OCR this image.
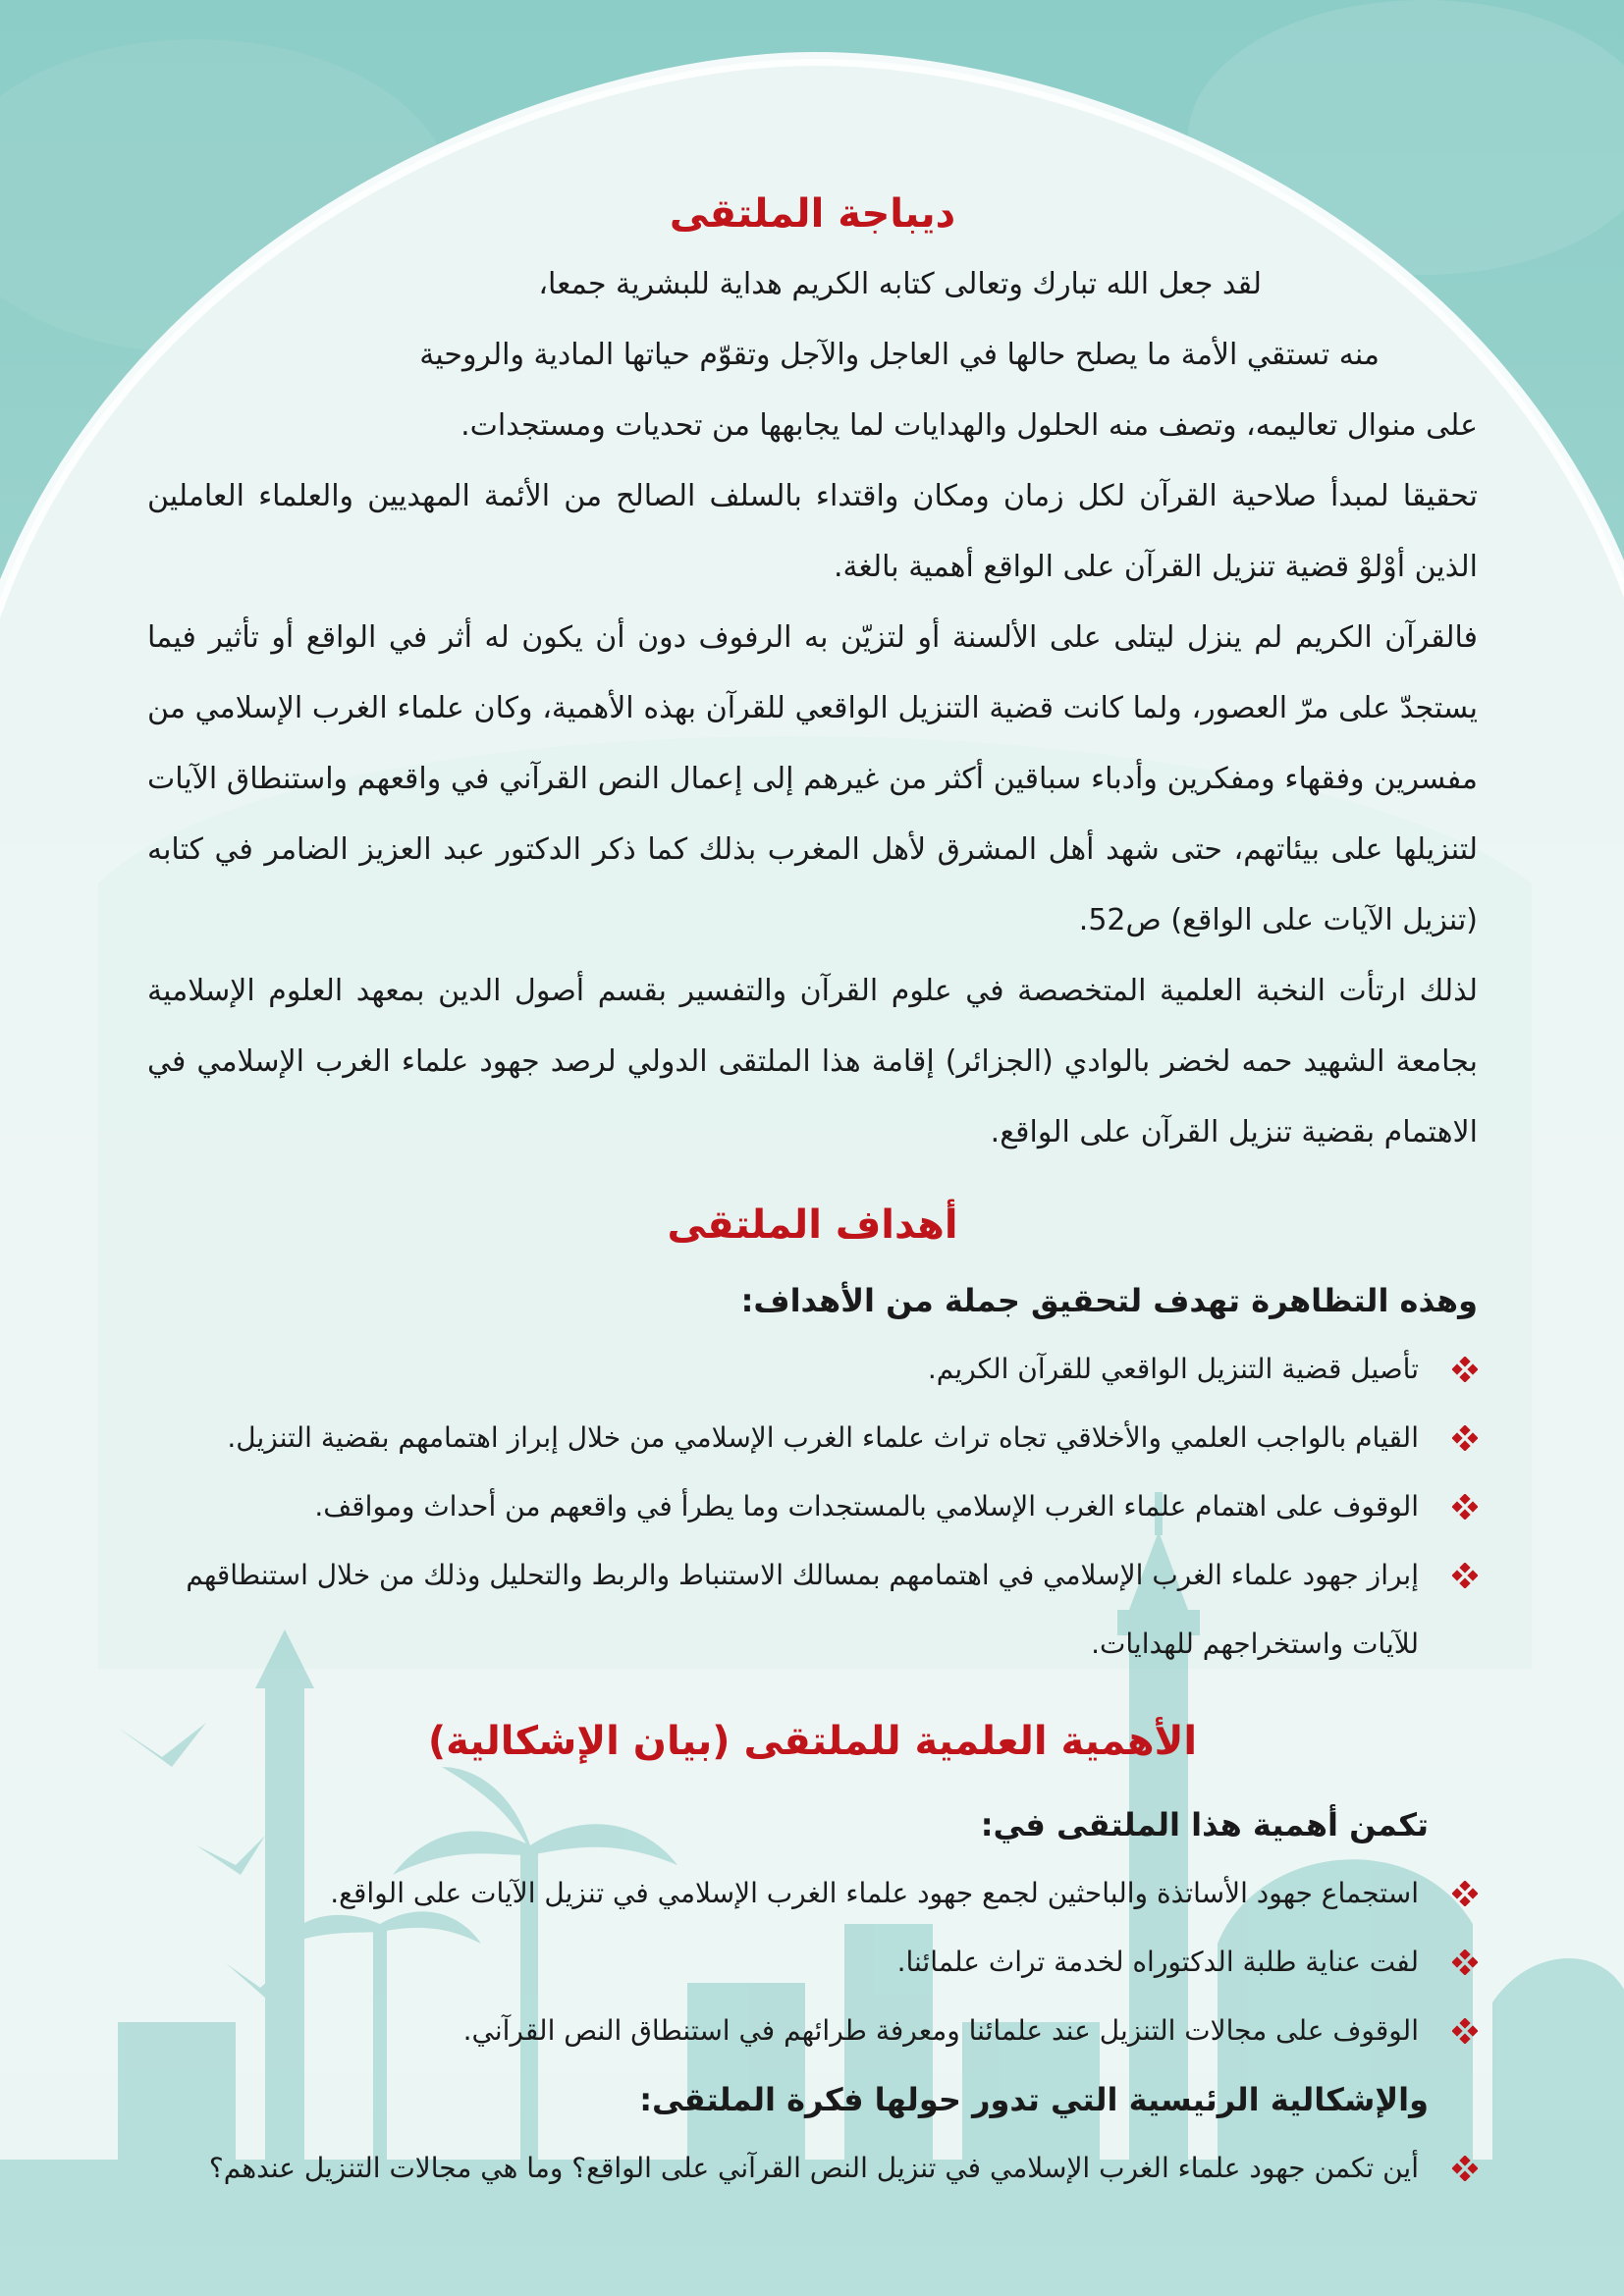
ديباجة الملتقى

لقد جعل الله تبارك وتعالى كتابه الكريم هداية للبشرية جمعا،

منه تستقي الأمة ما يصلح حالها في العاجل والآجل وتقوّم حياتها المادية والروحية

على منوال تعاليمه، وتصف منه الحلول والهدايات لما يجابهها من تحديات ومستجدات.

تحقيقا لمبدأ صلاحية القرآن لكل زمان ومكان واقتداء بالسلف الصالح من الأئمة المهديين والعلماء العاملين الذين أوْلوْ قضية تنزيل القرآن على الواقع أهمية بالغة.

فالقرآن الكريم لم ينزل ليتلى على الألسنة أو لتزيّن به الرفوف دون أن يكون له أثر في الواقع أو تأثير فيما يستجدّ على مرّ العصور، ولما كانت قضية التنزيل الواقعي للقرآن بهذه الأهمية، وكان علماء الغرب الإسلامي من مفسرين وفقهاء ومفكرين وأدباء سباقين أكثر من غيرهم إلى إعمال النص القرآني في واقعهم واستنطاق الآيات لتنزيلها على بيئاتهم، حتى شهد أهل المشرق لأهل المغرب بذلك كما ذكر الدكتور عبد العزيز الضامر في كتابه (تنزيل الآيات على الواقع) ص52.

لذلك ارتأت النخبة العلمية المتخصصة في علوم القرآن والتفسير بقسم أصول الدين بمعهد العلوم الإسلامية بجامعة الشهيد حمه لخضر بالوادي (الجزائر) إقامة هذا الملتقى الدولي لرصد جهود علماء الغرب الإسلامي في الاهتمام بقضية تنزيل القرآن على الواقع.

أهداف الملتقى

وهذه التظاهرة تهدف لتحقيق جملة من الأهداف:

تأصيل قضية التنزيل الواقعي للقرآن الكريم.
القيام بالواجب العلمي والأخلاقي تجاه تراث علماء الغرب الإسلامي من خلال إبراز اهتمامهم بقضية التنزيل.
الوقوف على اهتمام علماء الغرب الإسلامي بالمستجدات وما يطرأ في واقعهم من أحداث ومواقف.
إبراز جهود علماء الغرب الإسلامي في اهتمامهم بمسالك الاستنباط والربط والتحليل وذلك من خلال استنطاقهم للآيات واستخراجهم للهدايات.
الأهمية العلمية للملتقى (بيان الإشكالية)

تكمن أهمية هذا الملتقى في:

استجماع جهود الأساتذة والباحثين لجمع جهود علماء الغرب الإسلامي في تنزيل الآيات على الواقع.
لفت عناية طلبة الدكتوراه لخدمة تراث علمائنا.
الوقوف على مجالات التنزيل عند علمائنا ومعرفة طرائهم في استنطاق النص القرآني.

والإشكالية الرئيسية التي تدور حولها فكرة الملتقى:

أين تكمن جهود علماء الغرب الإسلامي في تنزيل النص القرآني على الواقع؟ وما هي مجالات التنزيل عندهم؟
